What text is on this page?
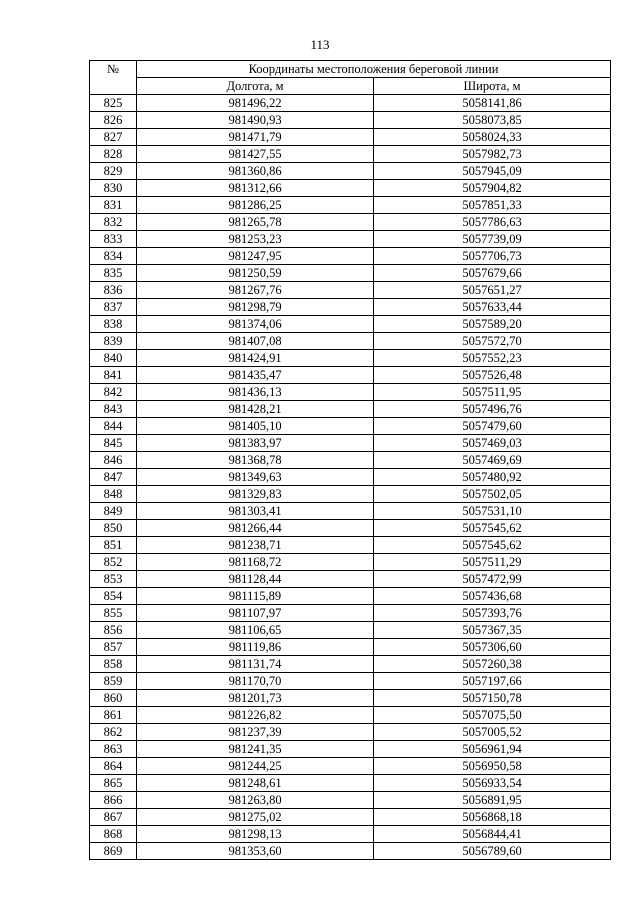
113
№	Координаты местоположения береговой линии	
	Долгота, м	Широта, м
825	981496,22	5058141,86
826	981490,93	5058073,85
827	981471,79	5058024,33
828	981427,55	5057982,73
829	981360,86	5057945,09
830	981312,66	5057904,82
831	981286,25	5057851,33
832	981265,78	5057786,63
833	981253,23	5057739,09
834	981247,95	5057706,73
835	981250,59	5057679,66
836	981267,76	5057651,27
837	981298,79	5057633,44
838	981374,06	5057589,20
839	981407,08	5057572,70
840	981424,91	5057552,23
841	981435,47	5057526,48
842	981436,13	5057511,95
843	981428,21	5057496,76
844	981405,10	5057479,60
845	981383,97	5057469,03
846	981368,78	5057469,69
847	981349,63	5057480,92
848	981329,83	5057502,05
849	981303,41	5057531,10
850	981266,44	5057545,62
851	981238,71	5057545,62
852	981168,72	5057511,29
853	981128,44	5057472,99
854	981115,89	5057436,68
855	981107,97	5057393,76
856	981106,65	5057367,35
857	981119,86	5057306,60
858	981131,74	5057260,38
859	981170,70	5057197,66
860	981201,73	5057150,78
861	981226,82	5057075,50
862	981237,39	5057005,52
863	981241,35	5056961,94
864	981244,25	5056950,58
865	981248,61	5056933,54
866	981263,80	5056891,95
867	981275,02	5056868,18
868	981298,13	5056844,41
869	981353,60	5056789,60
